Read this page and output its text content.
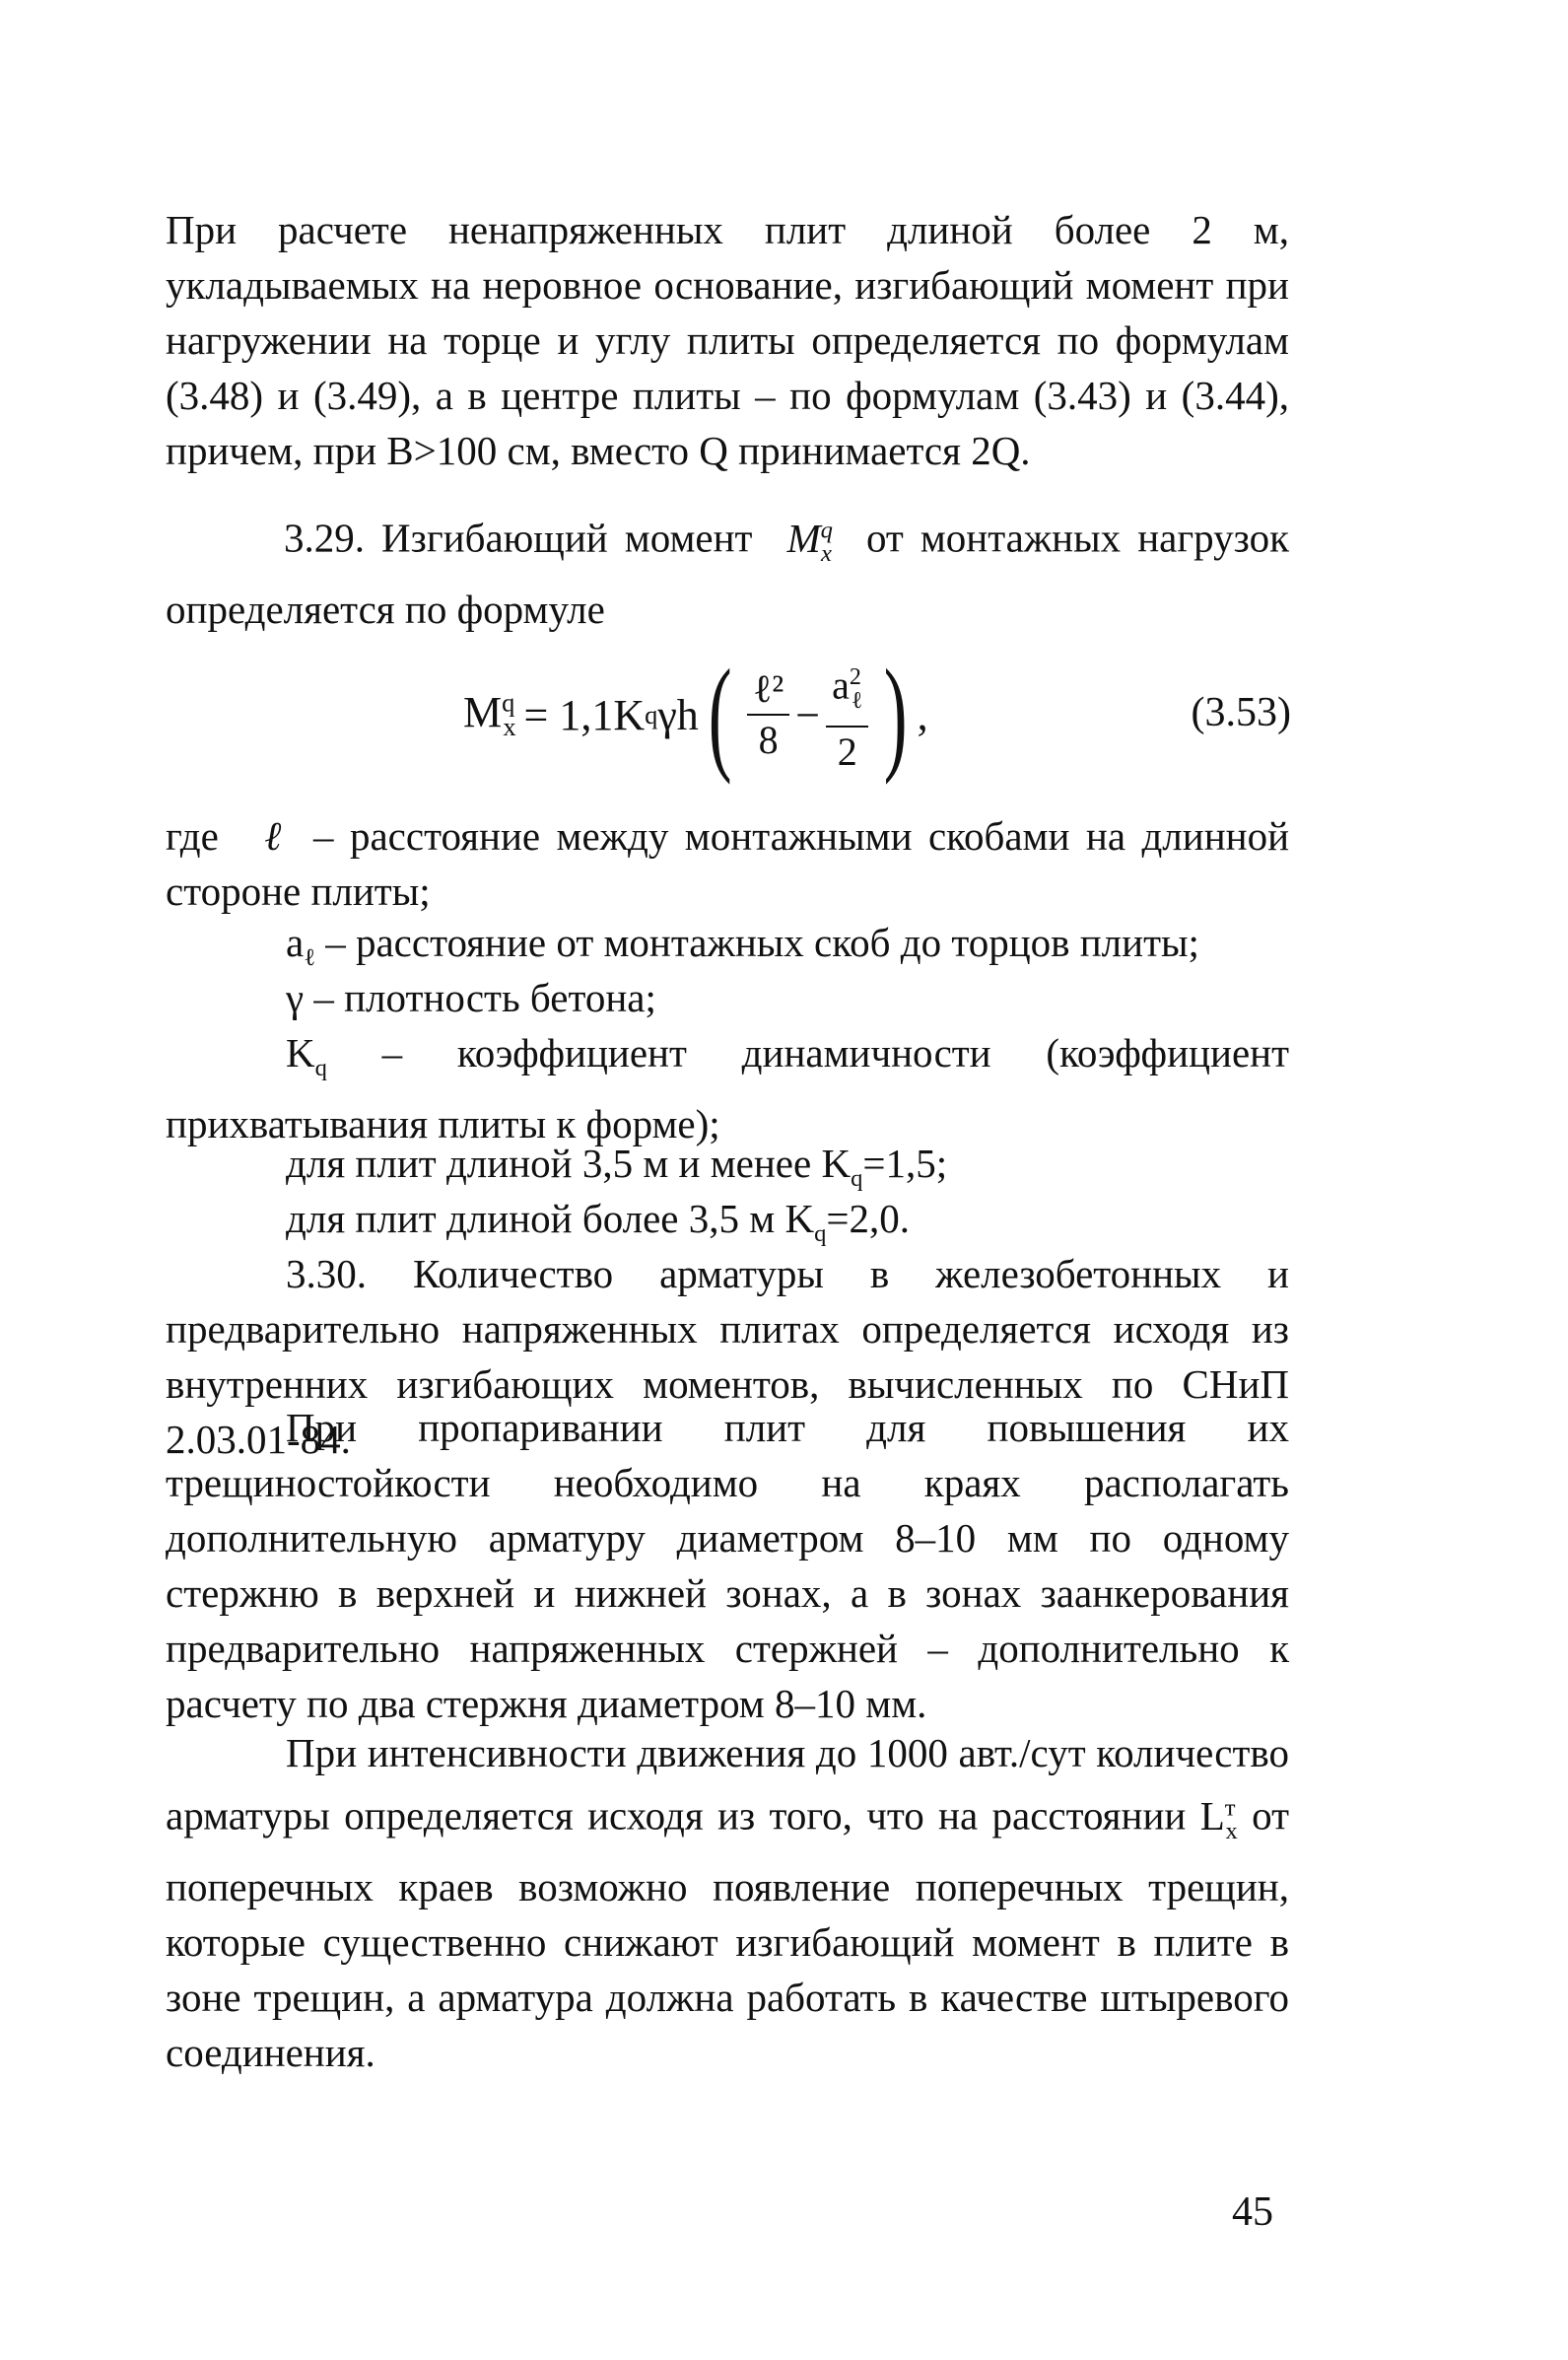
При расчете ненапряженных плит длиной более 2 м, укладываемых на неровное основание, изгибающий момент при нагружении на торце и углу плиты определяется по формулам (3.48) и (3.49), а в центре плиты – по формулам (3.43) и (3.44), причем, при B>100 см, вместо Q принимается 2Q.
3.29. Изгибающий момент $M^q_x$ от монтажных нагрузок определяется по формуле
$M^q_x = 1,1K$ q γh ( $\frac{\text{ℓ²}}{8} - \frac{a^2_\ell}{2}$ ) ,	(3.53)
где ℓ – расстояние между монтажными скобами на длинной стороне плиты;
$a_\ell$ – расстояние от монтажных скоб до торцов плиты;
γ – плотность бетона;
$K_q$ – коэффициент динамичности (коэффициент прихватывания плиты к форме);
для плит длиной 3,5 м и менее $K_q=1,5$;
для плит длиной более 3,5 м $K_q=2,0$.
3.30. Количество арматуры в железобетонных и предварительно напряженных плитах определяется исходя из внутренних изгибающих моментов, вычисленных по СНиП 2.03.01-84.
При пропаривании плит для повышения их трещиностойкости необходимо на краях располагать дополнительную арматуру диаметром 8–10 мм по одному стержню в верхней и нижней зонах, а в зонах заанкерования предварительно напряженных стержней – дополнительно к расчету по два стержня диаметром 8–10 мм.
При интенсивности движения до 1000 авт./сут количество арматуры определяется исходя из того, что на расстоянии $L^т_x$ от поперечных краев возможно появление поперечных трещин, которые существенно снижают изгибающий момент в плите в зоне трещин, а арматура должна работать в качестве штыревого соединения.
45
